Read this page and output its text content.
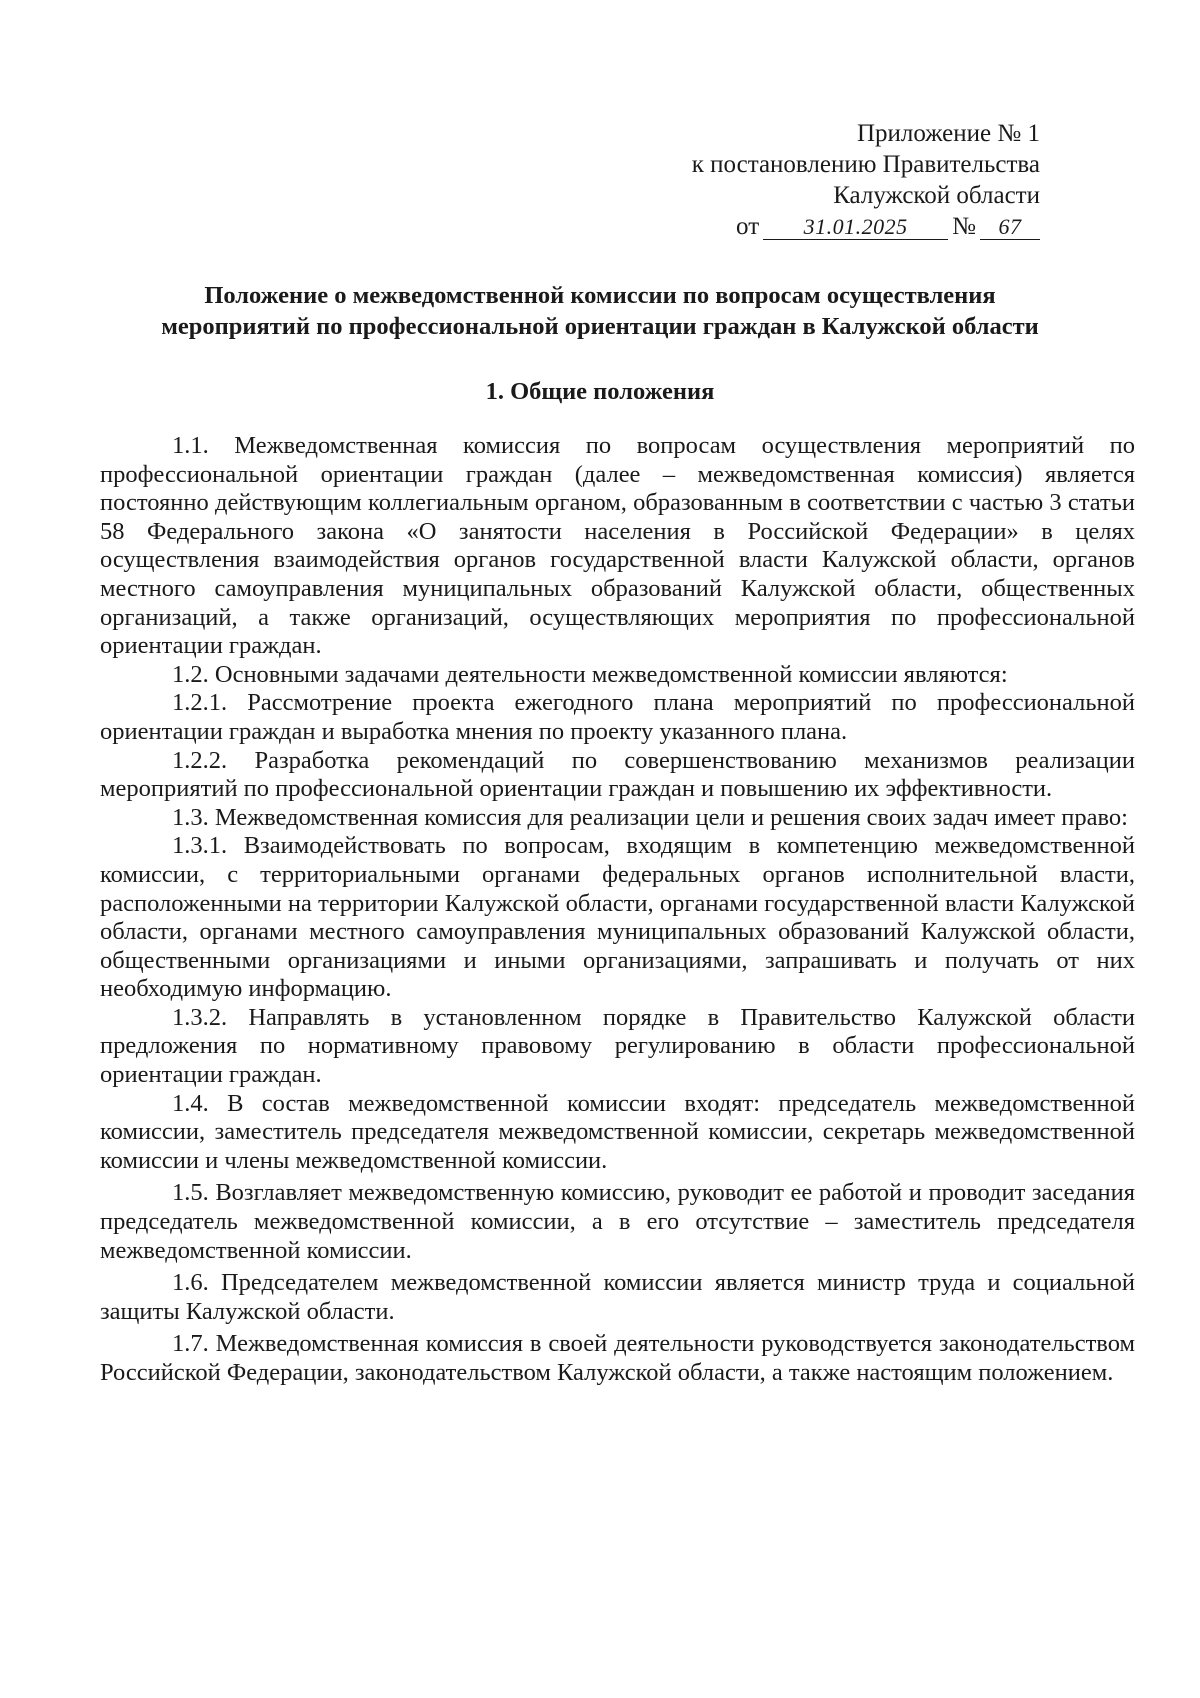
Приложение № 1
к постановлению Правительства
Калужской области
от 31.01.2025 № 67
Положение о межведомственной комиссии по вопросам осуществления
мероприятий по профессиональной ориентации граждан в Калужской области
1. Общие положения

1.1. Межведомственная комиссия по вопросам осуществления мероприятий по профессиональной ориентации граждан (далее – межведомственная комиссия) является постоянно действующим коллегиальным органом, образованным в соответствии с частью 3 статьи 58 Федерального закона «О занятости населения в Российской Федерации» в целях осуществления взаимодействия органов государственной власти Калужской области, органов местного самоуправления муниципальных образований Калужской области, общественных организаций, а также организаций, осуществляющих мероприятия по профессиональной ориентации граждан.

1.2. Основными задачами деятельности межведомственной комиссии являются:

1.2.1. Рассмотрение проекта ежегодного плана мероприятий по профессиональной ориентации граждан и выработка мнения по проекту указанного плана.

1.2.2. Разработка рекомендаций по совершенствованию механизмов реализации мероприятий по профессиональной ориентации граждан и повышению их эффективности.

1.3. Межведомственная комиссия для реализации цели и решения своих задач имеет право:

1.3.1. Взаимодействовать по вопросам, входящим в компетенцию межведомственной комиссии, с территориальными органами федеральных органов исполнительной власти, расположенными на территории Калужской области, органами государственной власти Калужской области, органами местного самоуправления муниципальных образований Калужской области, общественными организациями и иными организациями, запрашивать и получать от них необходимую информацию.

1.3.2. Направлять в установленном порядке в Правительство Калужской области предложения по нормативному правовому регулированию в области профессиональной ориентации граждан.

1.4. В состав межведомственной комиссии входят: председатель межведомственной комиссии, заместитель председателя межведомственной комиссии, секретарь межведомственной комиссии и члены межведомственной комиссии.

1.5. Возглавляет межведомственную комиссию, руководит ее работой и проводит заседания председатель межведомственной комиссии, а в его отсутствие – заместитель председателя межведомственной комиссии.

1.6. Председателем межведомственной комиссии является министр труда и социальной защиты Калужской области.

1.7. Межведомственная комиссия в своей деятельности руководствуется законодательством Российской Федерации, законодательством Калужской области, а также настоящим положением.
